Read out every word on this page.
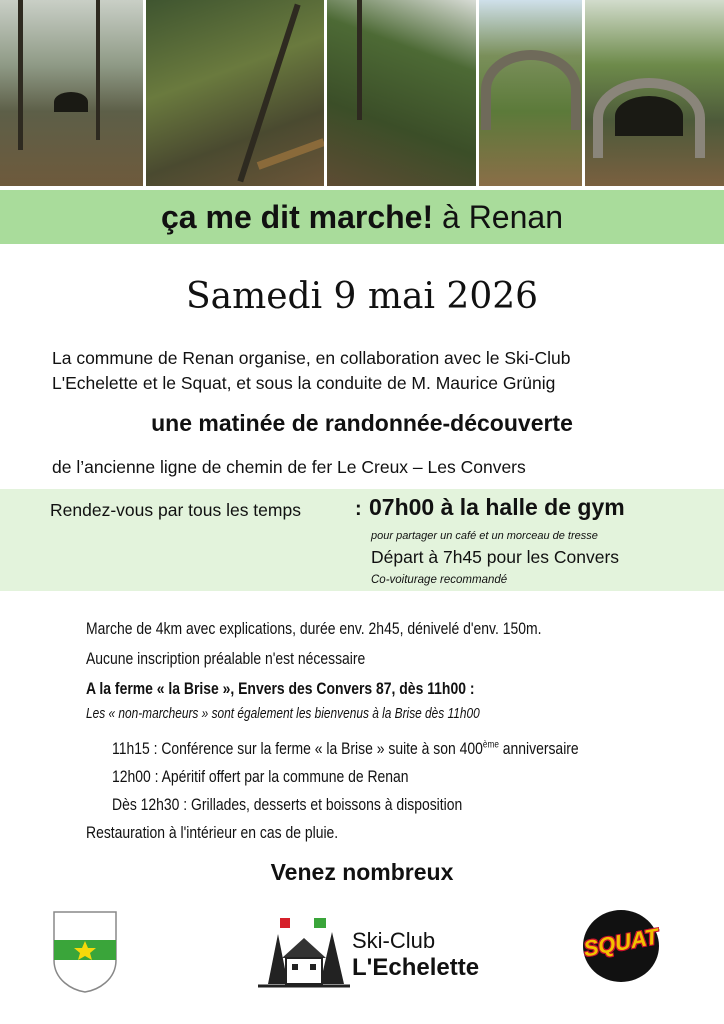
ça me dit marche! à Renan
Samedi 9 mai 2026
La commune de Renan organise, en collaboration avec le Ski-Club
L'Echelette et le Squat, et sous la conduite de M. Maurice Grünig
une matinée de randonnée-découverte
de l’ancienne ligne de chemin de fer Le Creux – Les Convers
Rendez-vous par tous les temps	: 07h00 à la halle de gym
pour partager un café et un morceau de tresse
Départ à 7h45 pour les Convers
Co-voiturage recommandé
Marche de 4km avec explications, durée env. 2h45, dénivelé d'env. 150m.
Aucune inscription préalable n'est nécessaire
A la ferme « la Brise », Envers des Convers 87, dès 11h00 :
Les « non-marcheurs » sont également les bienvenus à la Brise dès 11h00
11h15 : Conférence sur la ferme « la Brise » suite à son 400ème anniversaire
12h00 : Apéritif offert par la commune de Renan
Dès 12h30 : Grillades, desserts et boissons à disposition
Restauration à l'intérieur en cas de pluie.
Venez nombreux
Ski-Club
L'Echelette
SQUAT
